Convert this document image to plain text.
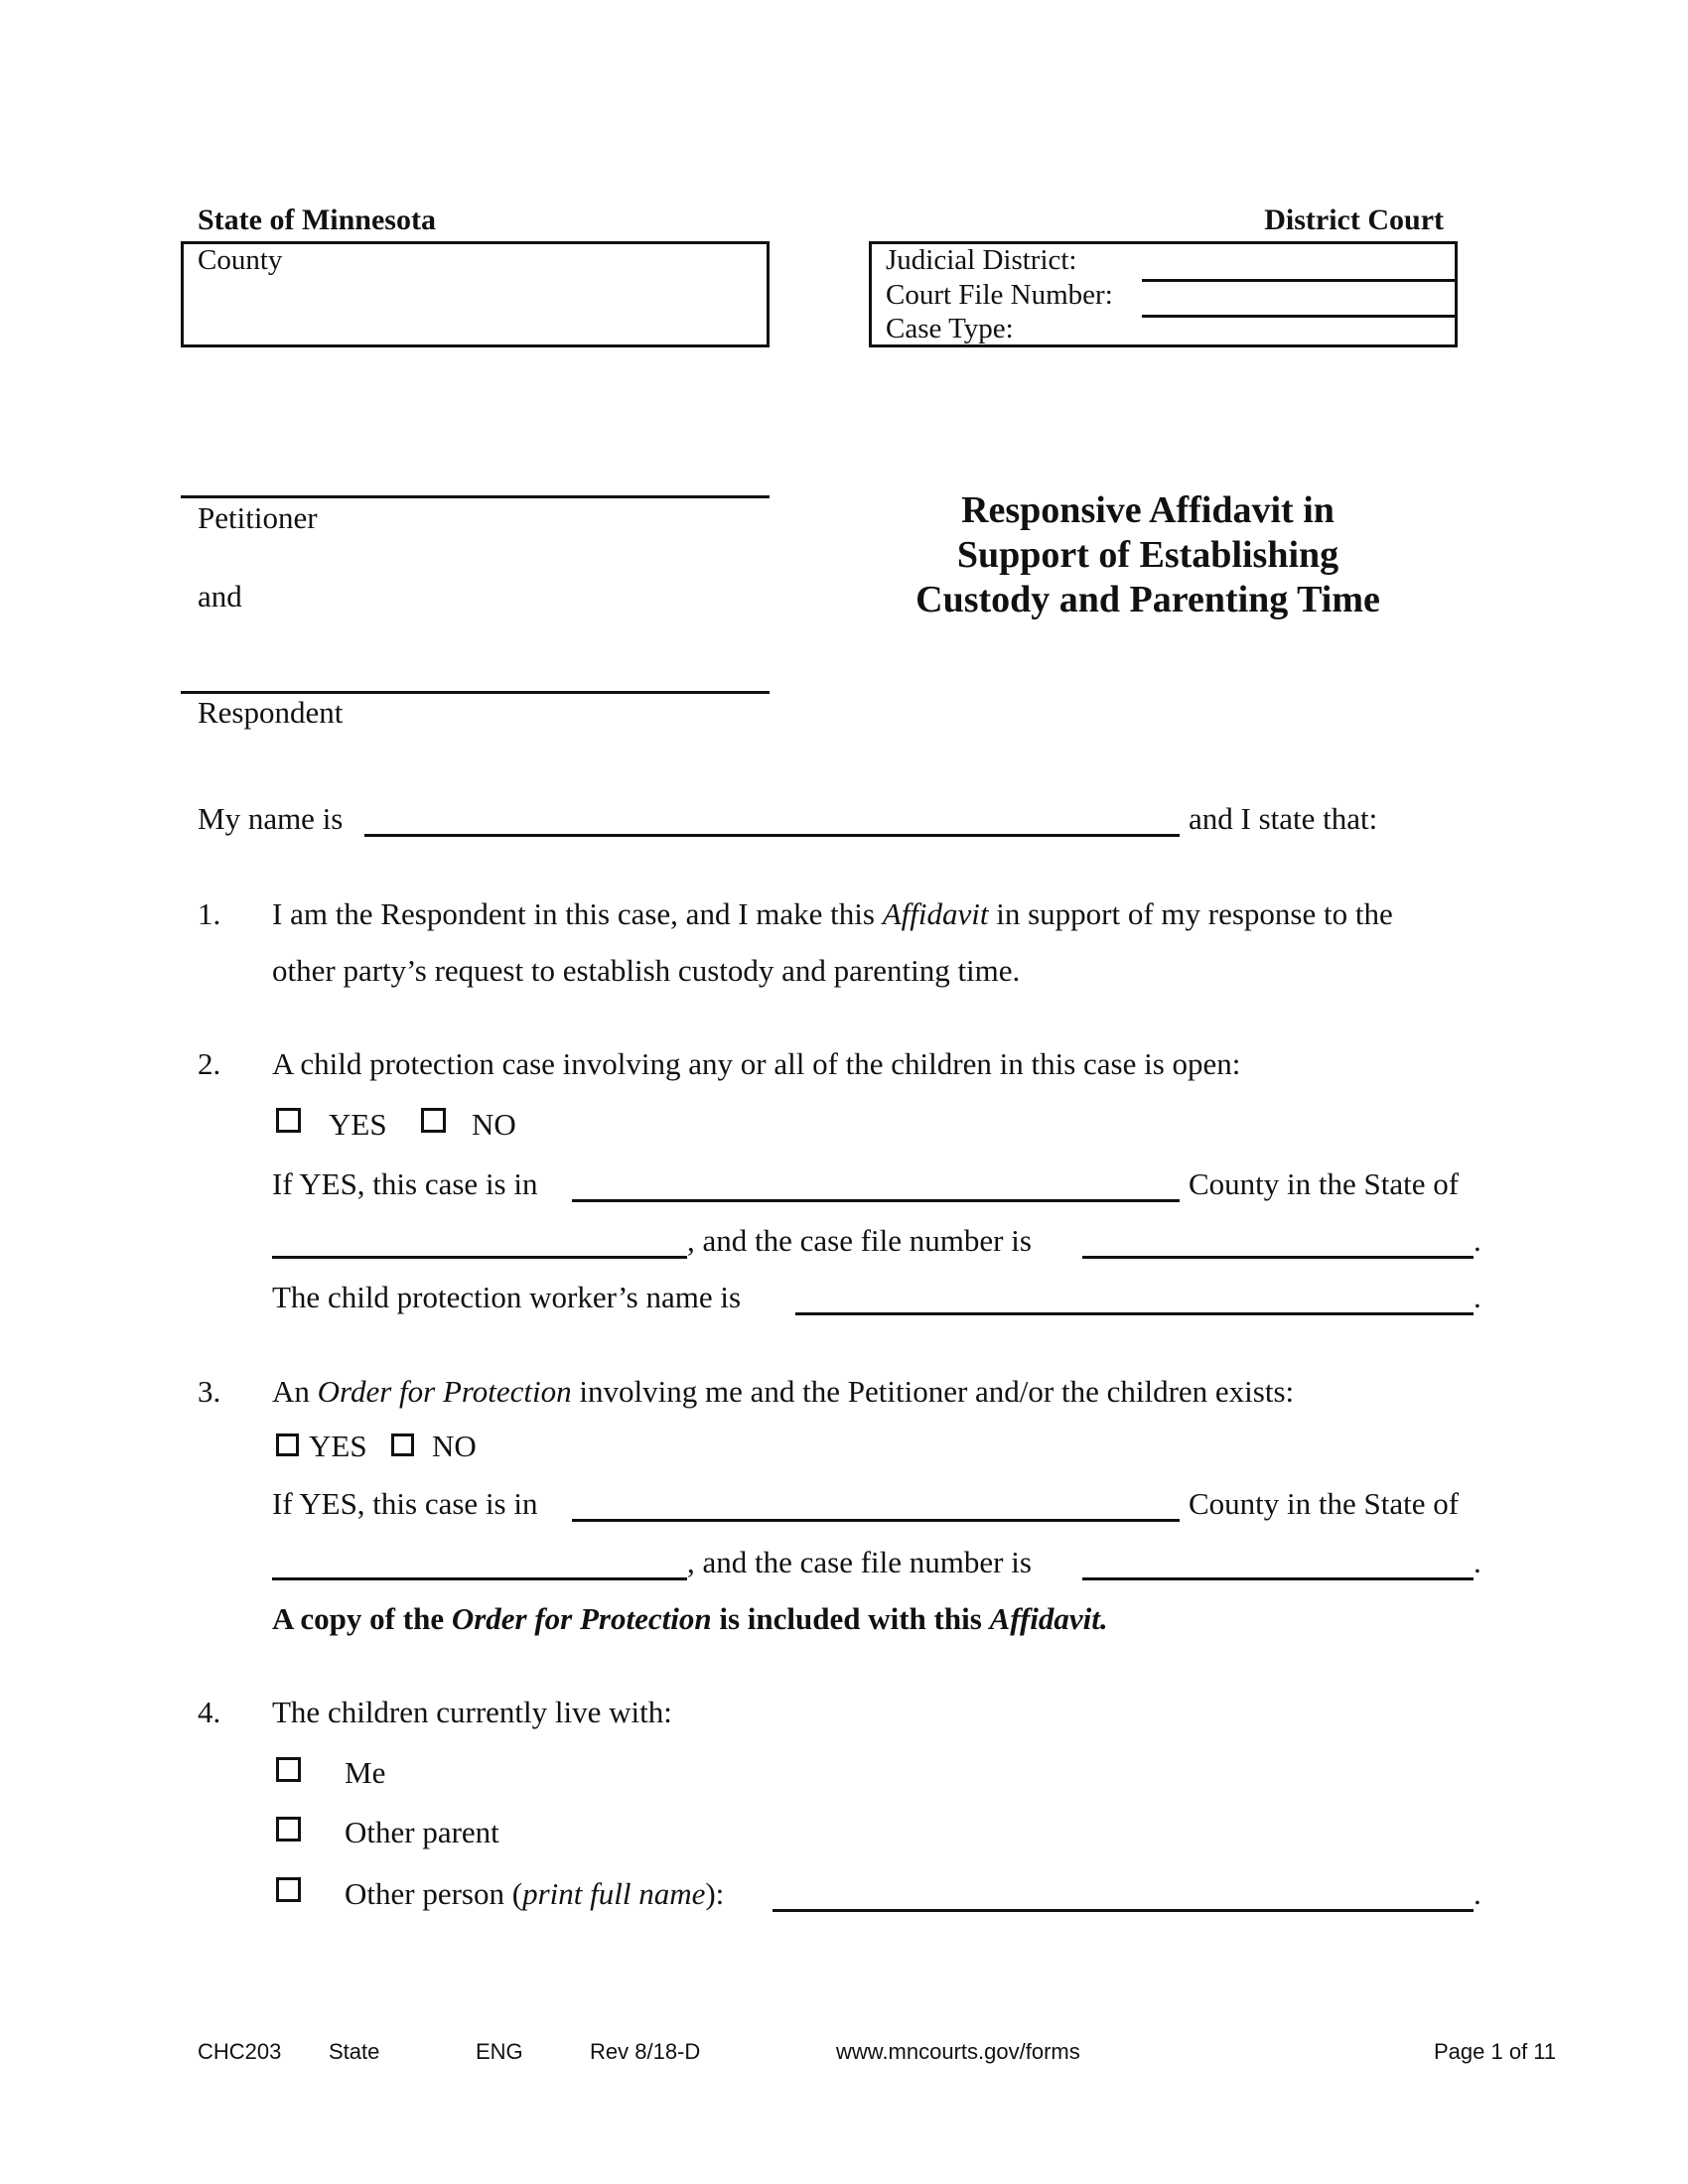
State of Minnesota	District Court
County	Judicial District:
Court File Number:
Case Type:
Petitioner
and
Respondent
Responsive Affidavit in
Support of Establishing
Custody and Parenting Time
My name is	and I state that:
1. I am the Respondent in this case, and I make this Affidavit in support of my response to the
other party’s request to establish custody and parenting time.
2. A child protection case involving any or all of the children in this case is open:
YES	NO
If YES, this case is in	County in the State of
, and the case file number is	.
The child protection worker’s name is	.
3. An Order for Protection involving me and the Petitioner and/or the children exists:
YES NO
If YES, this case is in	County in the State of
, and the case file number is	.
A copy of the Order for Protection is included with this Affidavit.
4. The children currently live with:
Me
Other parent
Other person (print full name):	.
CHC203 State	ENG	Rev 8/18-D	www.mncourts.gov/forms	Page 1 of 11
